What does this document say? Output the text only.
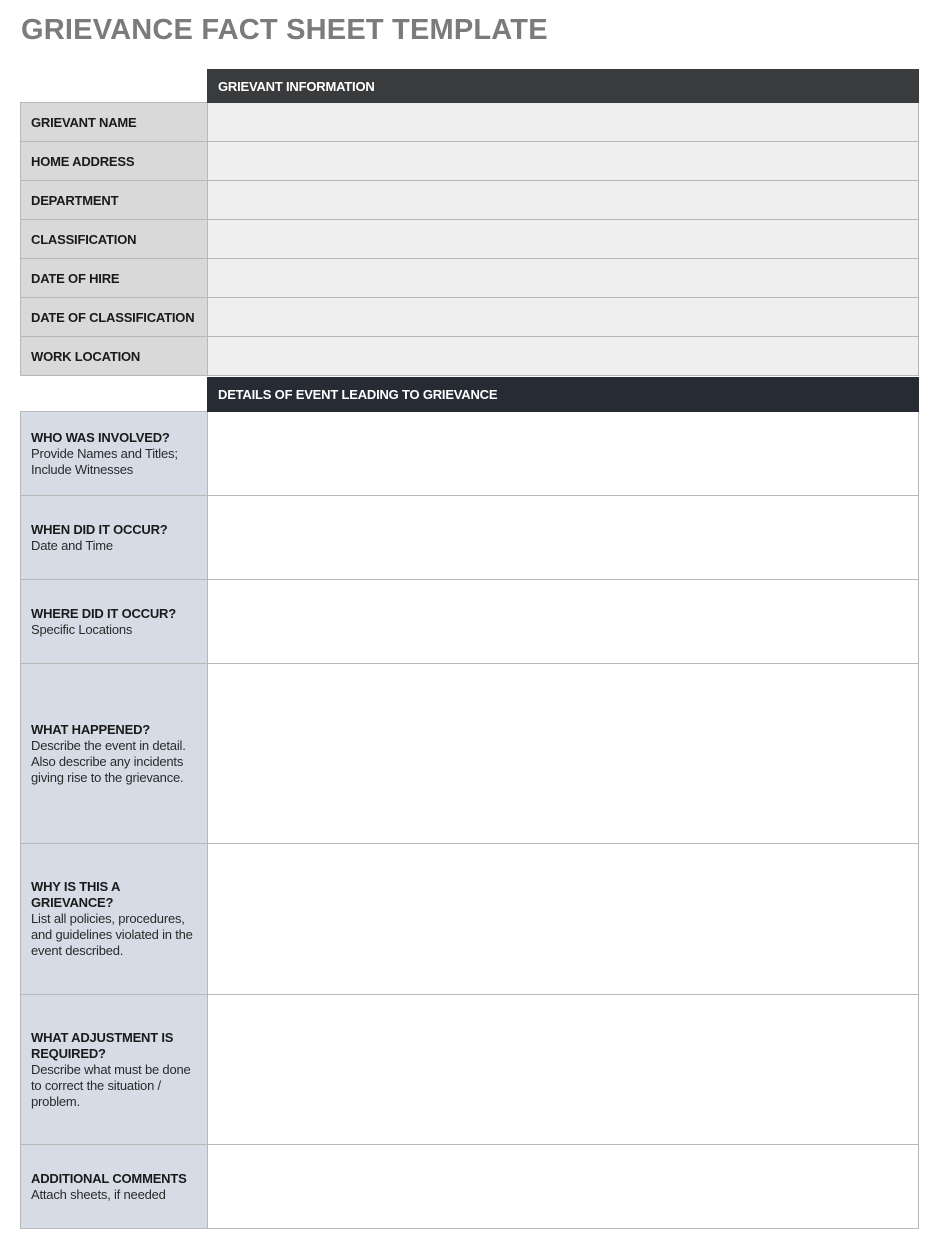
GRIEVANCE FACT SHEET TEMPLATE
	GRIEVANT INFORMATION
GRIEVANT NAME	
HOME ADDRESS	
DEPARTMENT	
CLASSIFICATION	
DATE OF HIRE	
DATE OF CLASSIFICATION	
WORK LOCATION	
	DETAILS OF EVENT LEADING TO GRIEVANCE

WHO WAS INVOLVED?
Provide Names and Titles; Include Witnesses	

WHEN DID IT OCCUR?
Date and Time	

WHERE DID IT OCCUR?
Specific Locations	

WHAT HAPPENED?
Describe the event in detail. Also describe any incidents giving rise to the grievance.	

WHY IS THIS A GRIEVANCE?
List all policies, procedures, and guidelines violated in the event described.	

WHAT ADJUSTMENT IS REQUIRED?
Describe what must be done to correct the situation / problem.	

ADDITIONAL COMMENTS
Attach sheets, if needed	
